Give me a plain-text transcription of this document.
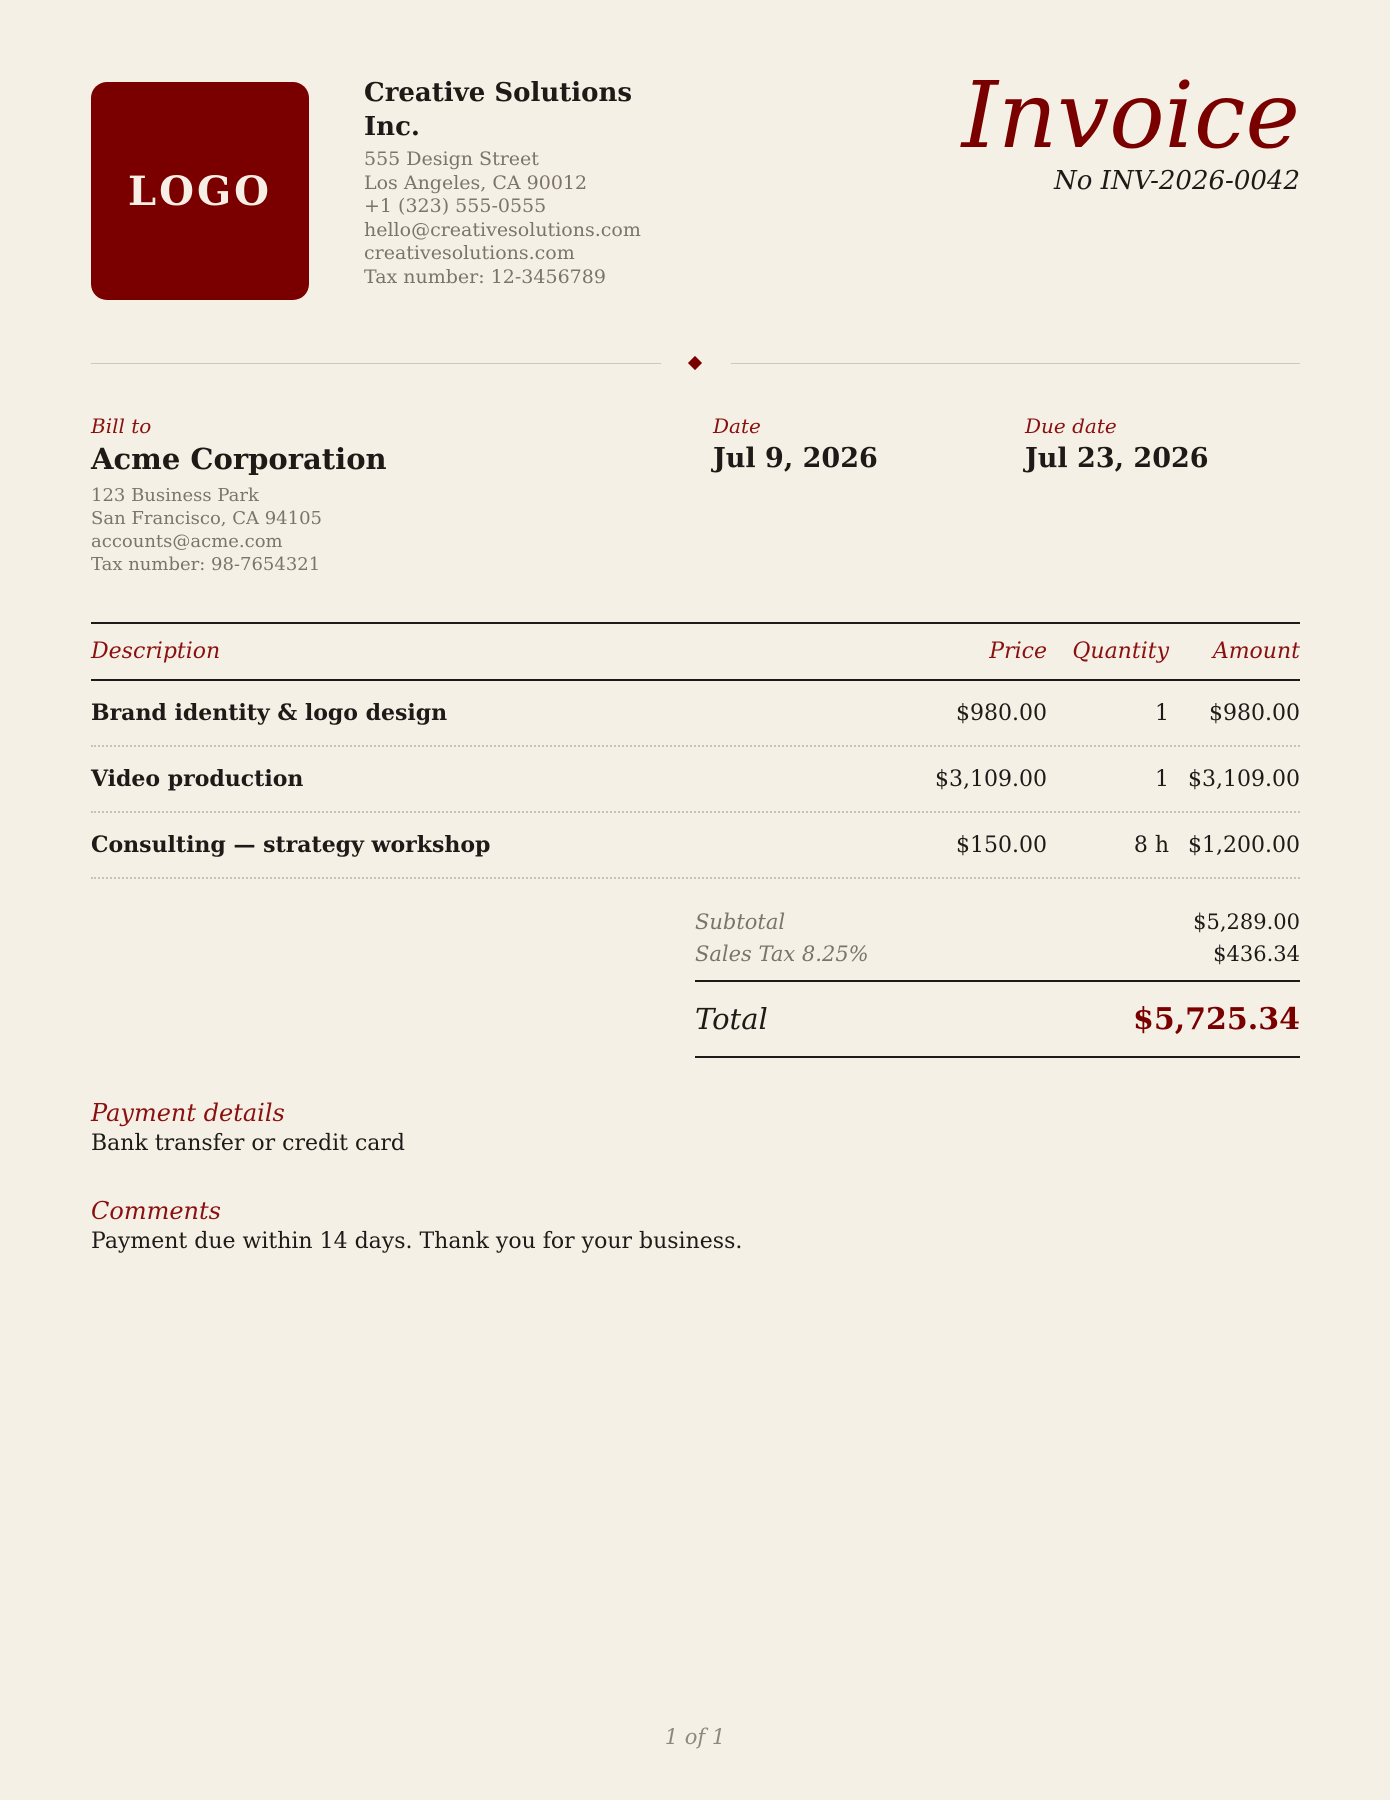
LOGO
Creative Solutions Inc.
555 Design Street
Los Angeles, CA 90012
+1 (323) 555-0555
hello@creativesolutions.com
creativesolutions.com
Tax number: 12-3456789
Invoice
No INV-2026-0042
Bill to
Acme Corporation
123 Business Park
San Francisco, CA 94105
accounts@acme.com
Tax number: 98-7654321
Date
Jul 9, 2026
Due date
Jul 23, 2026
Description	Price	Quantity	Amount
Brand identity & logo design	$980.00	1	$980.00
Video production	$3,109.00	1 $3,109.00
Consulting — strategy workshop	$150.00	8 h $1,200.00
Subtotal	$5,289.00
Sales Tax 8.25%	$436.34
Total	$5,725.34
Payment details
Bank transfer or credit card
Comments
Payment due within 14 days. Thank you for your business.
1 of 1
